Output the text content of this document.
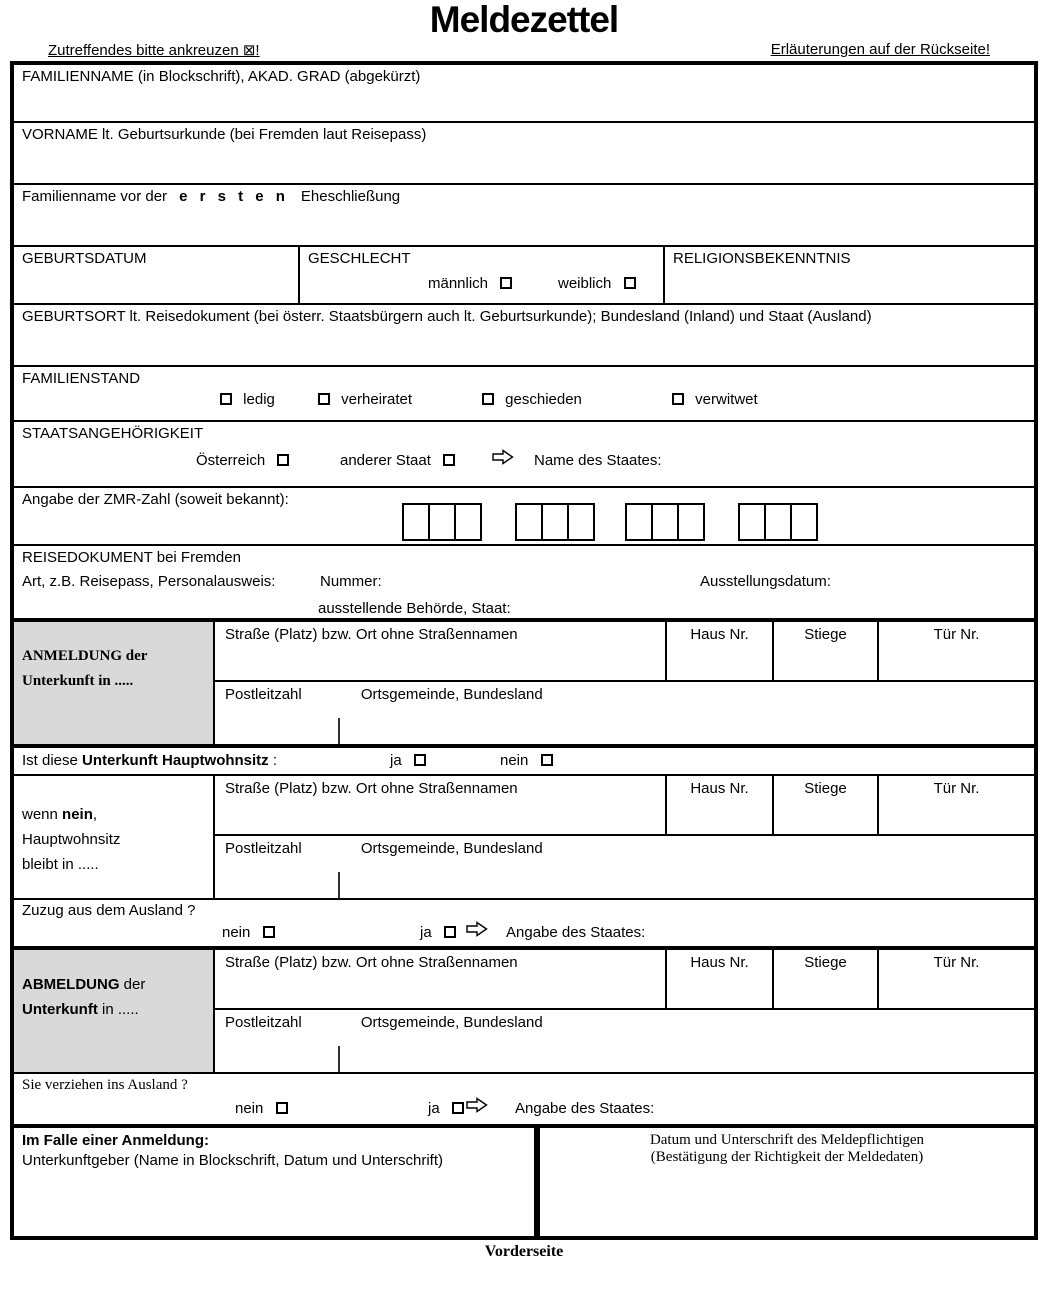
Meldezettel
Zutreffendes bitte ankreuzen ⊠!	Erläuterungen auf der Rückseite!
FAMILIENNAME (in Blockschrift), AKAD. GRAD (abgekürzt)
VORNAME lt. Geburtsurkunde (bei Fremden laut Reisepass)
Familienname vor der e r s t e n Eheschließung
GEBURTSDATUM	GESCHLECHT
männlich	weiblich
RELIGIONSBEKENNTNIS
GEBURTSORT lt. Reisedokument (bei österr. Staatsbürgern auch lt. Geburtsurkunde); Bundesland (Inland) und Staat (Ausland)
FAMILIENSTAND
ledig	verheiratet	geschieden	verwitwet
STAATSANGEHÖRIGKEIT
Österreich	anderer Staat	Name des Staates:
Angabe der ZMR-Zahl (soweit bekannt):
REISEDOKUMENT bei Fremden
Art, z.B. Reisepass, Personalausweis:	Nummer:	Ausstellungsdatum:
ausstellende Behörde, Staat:
ANMELDUNG der
Unterkunft in .....
Straße (Platz) bzw. Ort ohne Straßennamen	Haus Nr.	Stiege	Tür Nr.
Postleitzahl	Ortsgemeinde, Bundesland
Ist diese Unterkunft Hauptwohnsitz :	ja	nein
wenn nein,
Hauptwohnsitz
bleibt in .....
Straße (Platz) bzw. Ort ohne Straßennamen	Haus Nr.	Stiege	Tür Nr.
Postleitzahl	Ortsgemeinde, Bundesland
Zuzug aus dem Ausland ?
nein	ja	Angabe des Staates:
ABMELDUNG der
Unterkunft in .....
Straße (Platz) bzw. Ort ohne Straßennamen	Haus Nr.	Stiege	Tür Nr.
Postleitzahl	Ortsgemeinde, Bundesland
Sie verziehen ins Ausland ?
nein	ja	Angabe des Staates:
Im Falle einer Anmeldung:
Unterkunftgeber (Name in Blockschrift, Datum und Unterschrift)
Datum und Unterschrift des Meldepflichtigen
(Bestätigung der Richtigkeit der Meldedaten)
Vorderseite
